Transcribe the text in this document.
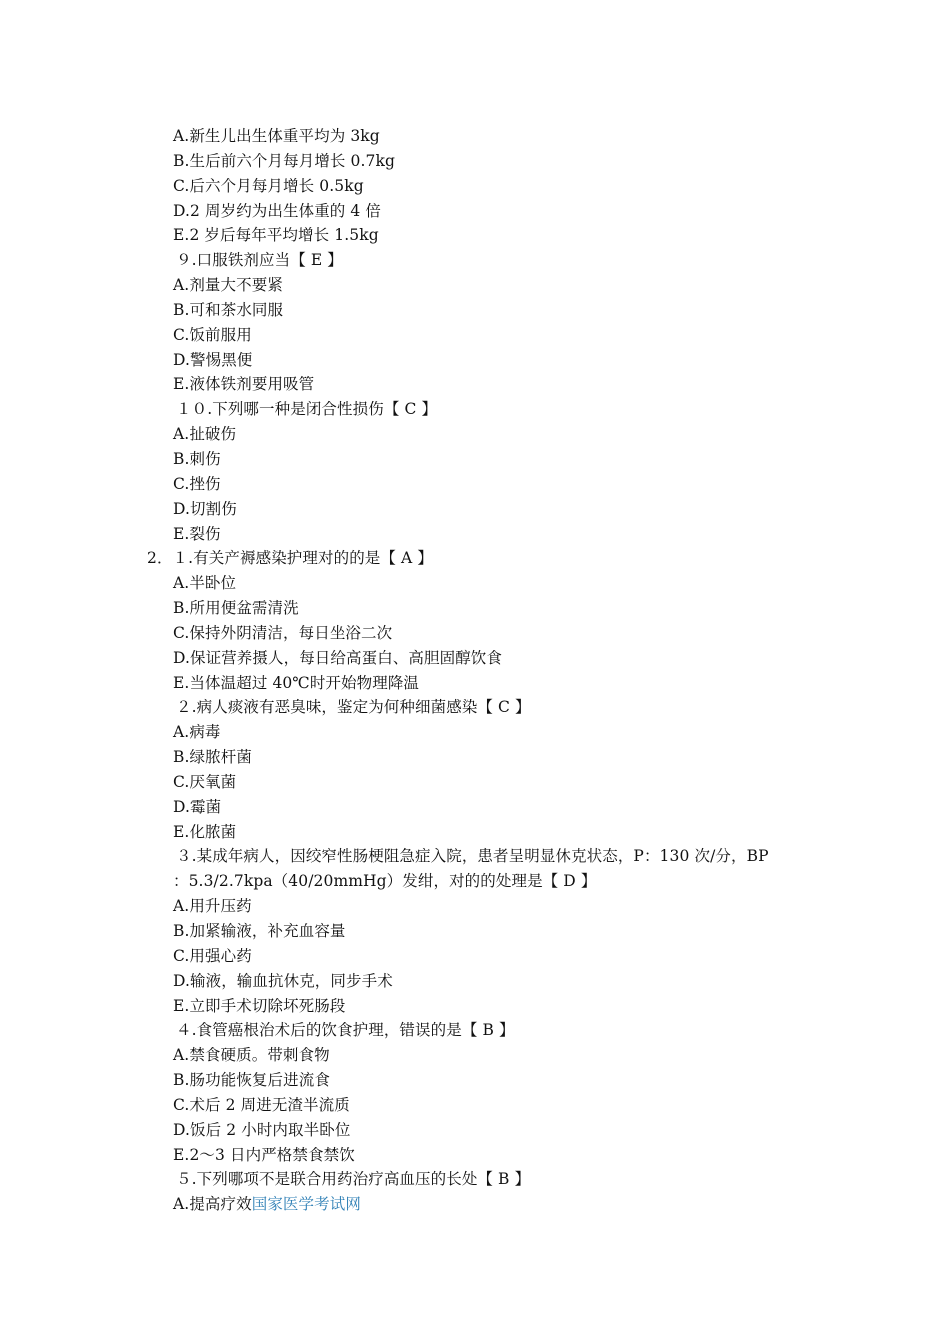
A.新生儿出生体重平均为 3kg
B.生后前六个月每月增长 0.7kg
C.后六个月每月增长 0.5kg
D.2 周岁约为出生体重的 4 倍
E.2 岁后每年平均增长 1.5kg
９.口服铁剂应当【 E 】
A.剂量大不要紧
B.可和茶水同服
C.饭前服用
D.警惕黑便
E.液体铁剂要用吸管
１０.下列哪一种是闭合性损伤【 C 】
A.扯破伤
B.刺伤
C.挫伤
D.切割伤
E.裂伤
2．１.有关产褥感染护理对的的是【 A 】
A.半卧位
B.所用便盆需清洗
C.保持外阴清洁，每日坐浴二次
D.保证营养摄人，每日给高蛋白、高胆固醇饮食
E.当体温超过 40℃时开始物理降温
２.病人痰液有恶臭味，鉴定为何种细菌感染【 C 】
A.病毒
B.绿脓杆菌
C.厌氧菌
D.霉菌
E.化脓菌
３.某成年病人，因绞窄性肠梗阻急症入院，患者呈明显休克状态，P：130 次/分，BP
：5.3/2.7kpa（40/20mmHg）发绀，对的的处理是【 D 】
A.用升压药
B.加紧输液，补充血容量
C.用强心药
D.输液，输血抗休克，同步手术
E.立即手术切除坏死肠段
４.食管癌根治术后的饮食护理，错误的是【 B 】
A.禁食硬质。带刺食物
B.肠功能恢复后进流食
C.术后 2 周进无渣半流质
D.饭后 2 小时内取半卧位
E.2～3 日内严格禁食禁饮
５.下列哪项不是联合用药治疗高血压的长处【 B 】
A.提高疗效国家医学考试网
